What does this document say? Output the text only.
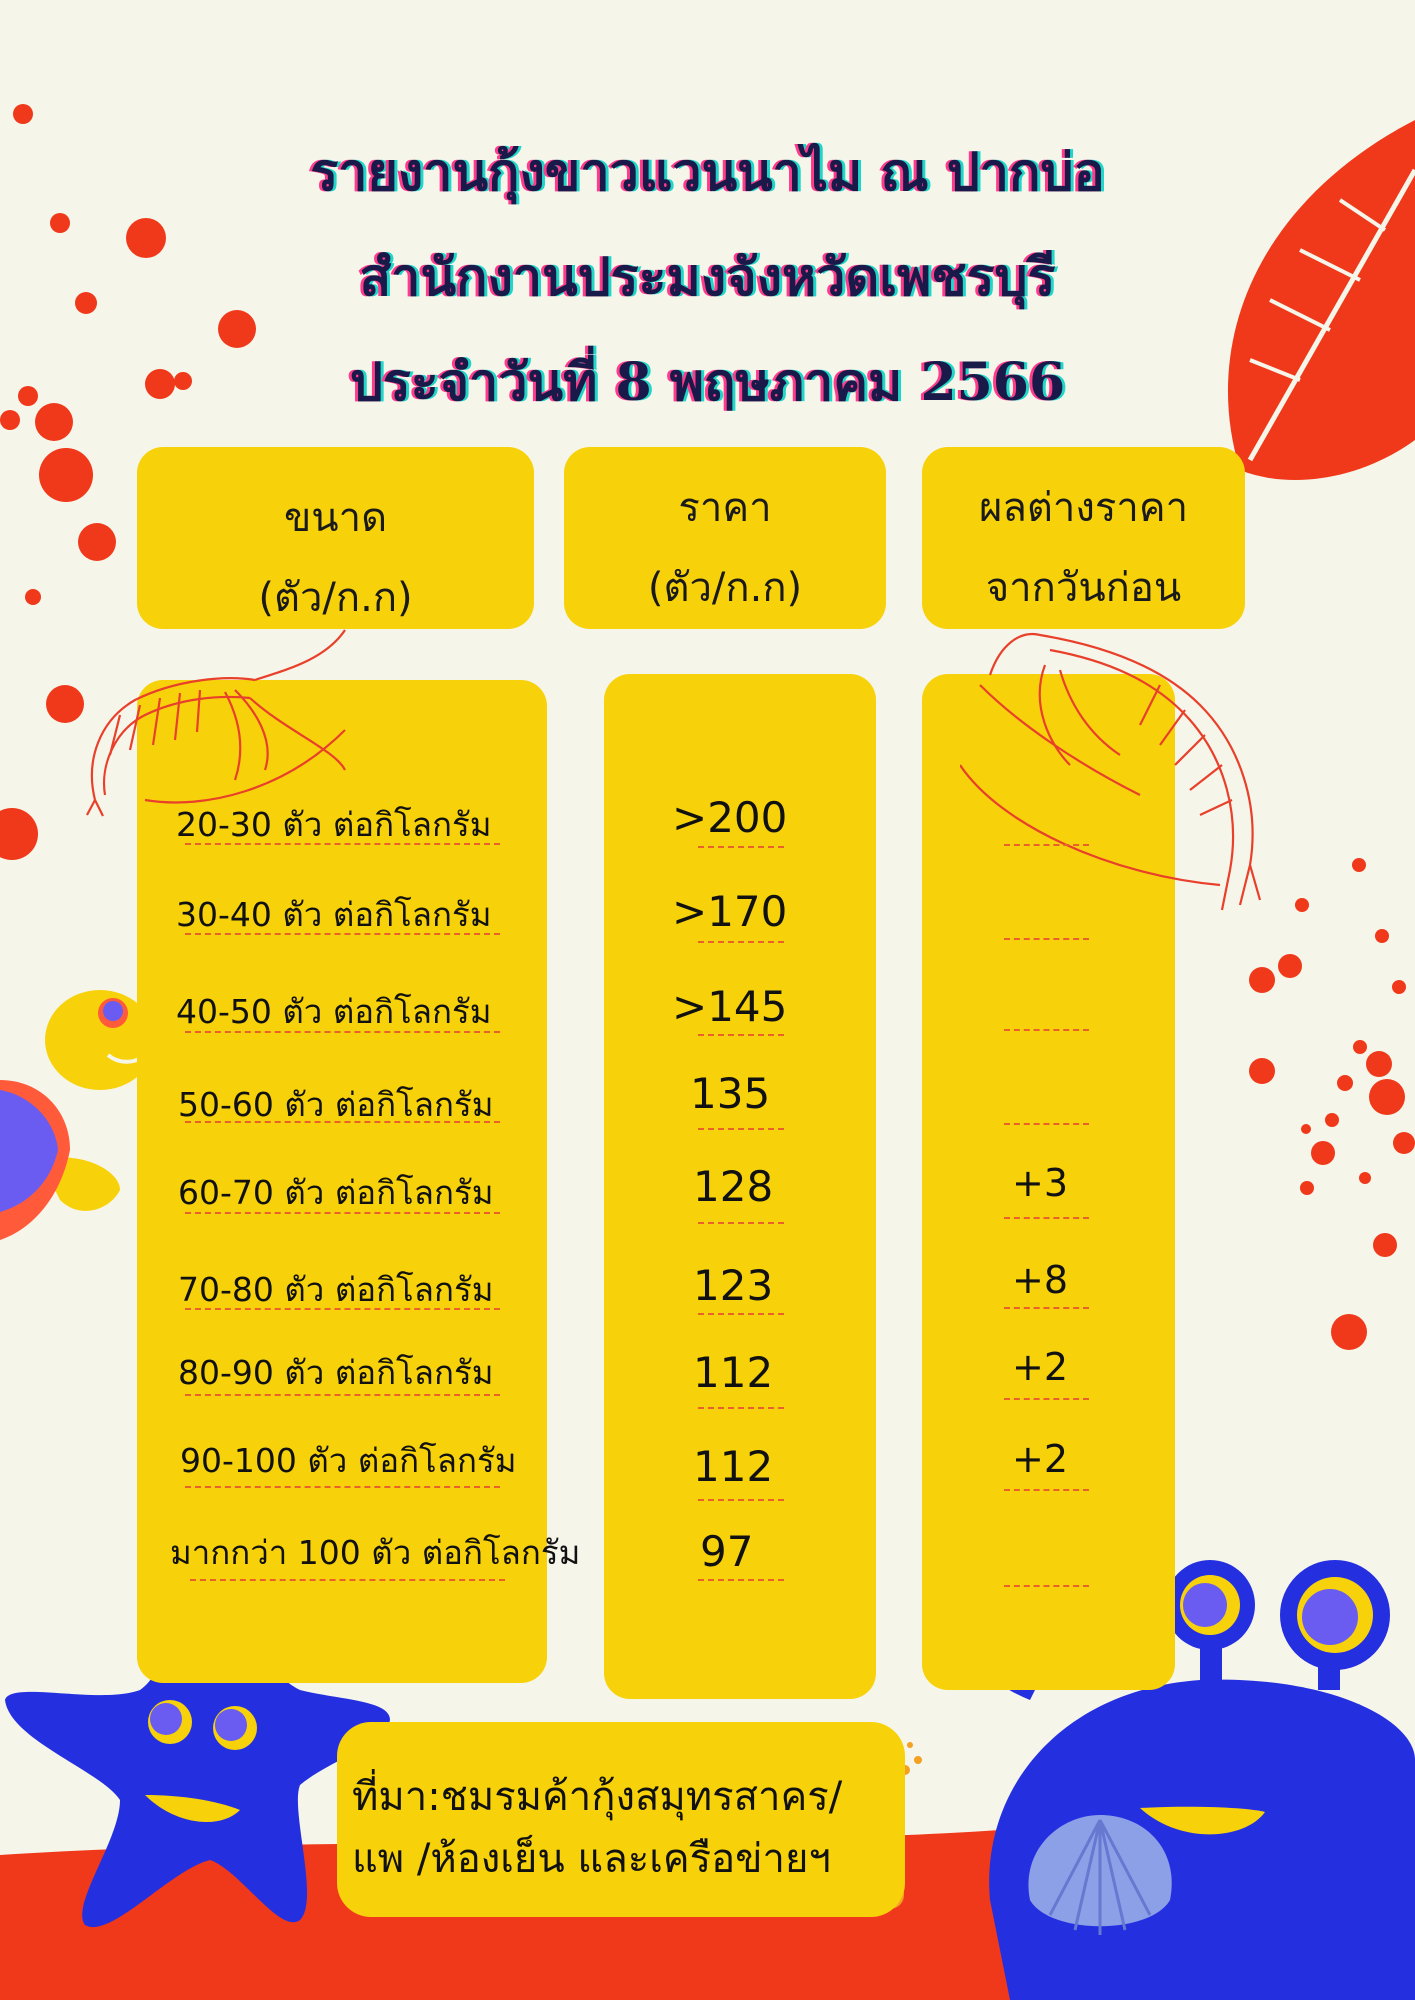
รายงานกุ้งขาวแวนนาไม ณ ปากบ่อ
สำนักงานประมงจังหวัดเพชรบุรี
ประจำวันที่ 8 พฤษภาคม 2566
ขนาด
(ตัว/ก.ก)
ราคา
(ตัว/ก.ก)
ผลต่างราคา
จากวันก่อน
20-30 ตัว ต่อกิโลกรัม	>200
30-40 ตัว ต่อกิโลกรัม	>170
40-50 ตัว ต่อกิโลกรัม	>145
50-60 ตัว ต่อกิโลกรัม	135
60-70 ตัว ต่อกิโลกรัม	128	+3
70-80 ตัว ต่อกิโลกรัม	123	+8
80-90 ตัว ต่อกิโลกรัม	112	+2
90-100 ตัว ต่อกิโลกรัม	112	+2
มากกว่า 100 ตัว ต่อกิโลกรัม	97
ที่มา:ชมรมค้ากุ้งสมุทรสาคร/
แพ /ห้องเย็น และเครือข่ายฯ
